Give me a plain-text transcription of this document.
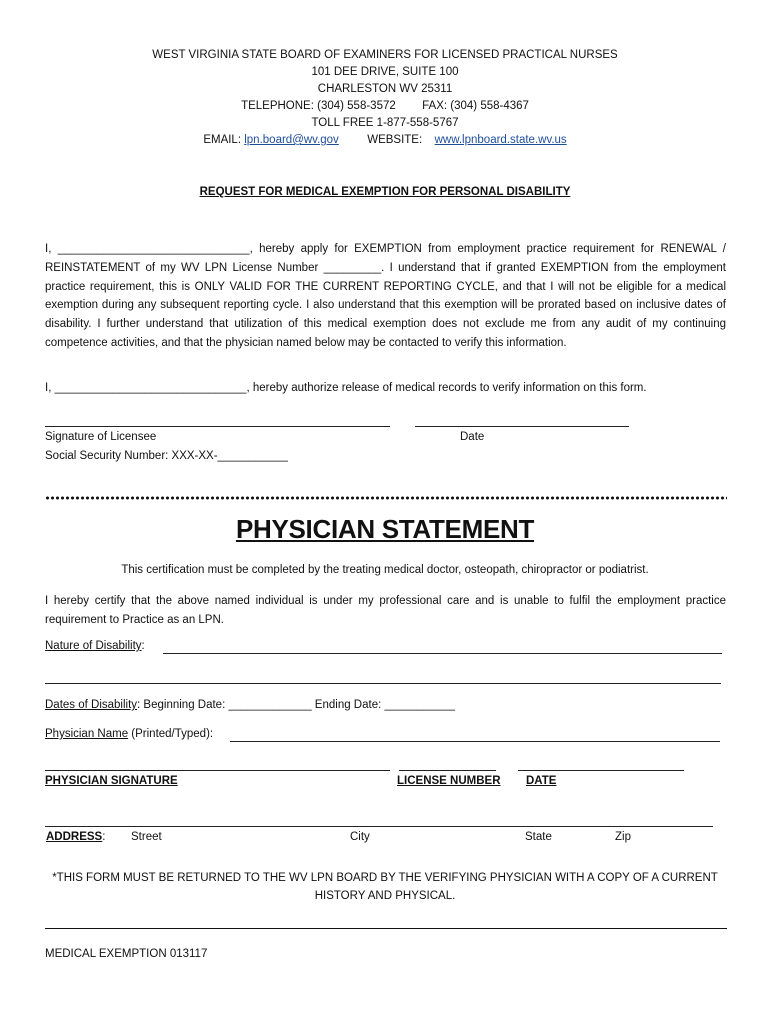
WEST VIRGINIA STATE BOARD OF EXAMINERS FOR LICENSED PRACTICAL NURSES
101 DEE DRIVE, SUITE 100
CHARLESTON WV 25311
TELEPHONE: (304) 558-3572 FAX: (304) 558-4367
TOLL FREE 1-877-558-5767
EMAIL: lpn.board@wv.gov WEBSITE: www.lpnboard.state.wv.us
REQUEST FOR MEDICAL EXEMPTION FOR PERSONAL DISABILITY
I, ______________________________, hereby apply for EXEMPTION from employment practice requirement for RENEWAL / REINSTATEMENT of my WV LPN License Number _________. I understand that if granted EXEMPTION from the employment practice requirement, this is ONLY VALID FOR THE CURRENT REPORTING CYCLE, and that I will not be eligible for a medical exemption during any subsequent reporting cycle. I also understand that this exemption will be prorated based on inclusive dates of disability. I further understand that utilization of this medical exemption does not exclude me from any audit of my continuing competence activities, and that the physician named below may be contacted to verify this information.
I, ______________________________, hereby authorize release of medical records to verify information on this form.
Signature of Licensee	Date
Social Security Number: XXX-XX-___________
PHYSICIAN STATEMENT
This certification must be completed by the treating medical doctor, osteopath, chiropractor or podiatrist.
I hereby certify that the above named individual is under my professional care and is unable to fulfil the employment practice requirement to Practice as an LPN.
Nature of Disability:
Dates of Disability: Beginning Date: _____________ Ending Date: ___________
Physician Name (Printed/Typed):
PHYSICIAN SIGNATURE	LICENSE NUMBER DATE
ADDRESS: Street	City	State	Zip
*THIS FORM MUST BE RETURNED TO THE WV LPN BOARD BY THE VERIFYING PHYSICIAN WITH A COPY OF A CURRENT HISTORY AND PHYSICAL.
MEDICAL EXEMPTION 013117
